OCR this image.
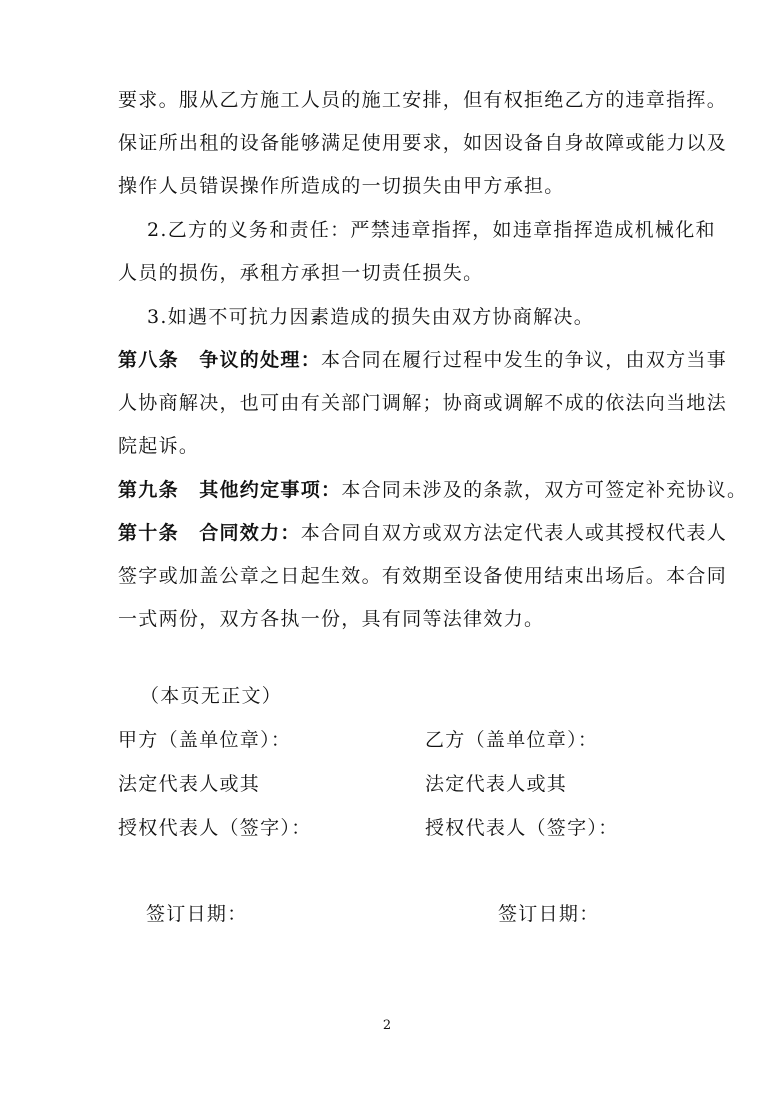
要求。服从乙方施工人员的施工安排，但有权拒绝乙方的违章指挥。
保证所出租的设备能够满足使用要求，如因设备自身故障或能力以及
操作人员错误操作所造成的一切损失由甲方承担。
2.乙方的义务和责任：严禁违章指挥，如违章指挥造成机械化和
人员的损伤，承租方承担一切责任损失。
3.如遇不可抗力因素造成的损失由双方协商解决。
第八条　争议的处理：本合同在履行过程中发生的争议，由双方当事
人协商解决，也可由有关部门调解；协商或调解不成的依法向当地法
院起诉。
第九条　其他约定事项：本合同未涉及的条款，双方可签定补充协议。
第十条　合同效力：本合同自双方或双方法定代表人或其授权代表人
签字或加盖公章之日起生效。有效期至设备使用结束出场后。本合同
一式两份，双方各执一份，具有同等法律效力。
（本页无正文）
甲方（盖单位章）：	乙方（盖单位章）：
法定代表人或其	法定代表人或其
授权代表人（签字）：	授权代表人（签字）：
签订日期：	签订日期：
2
